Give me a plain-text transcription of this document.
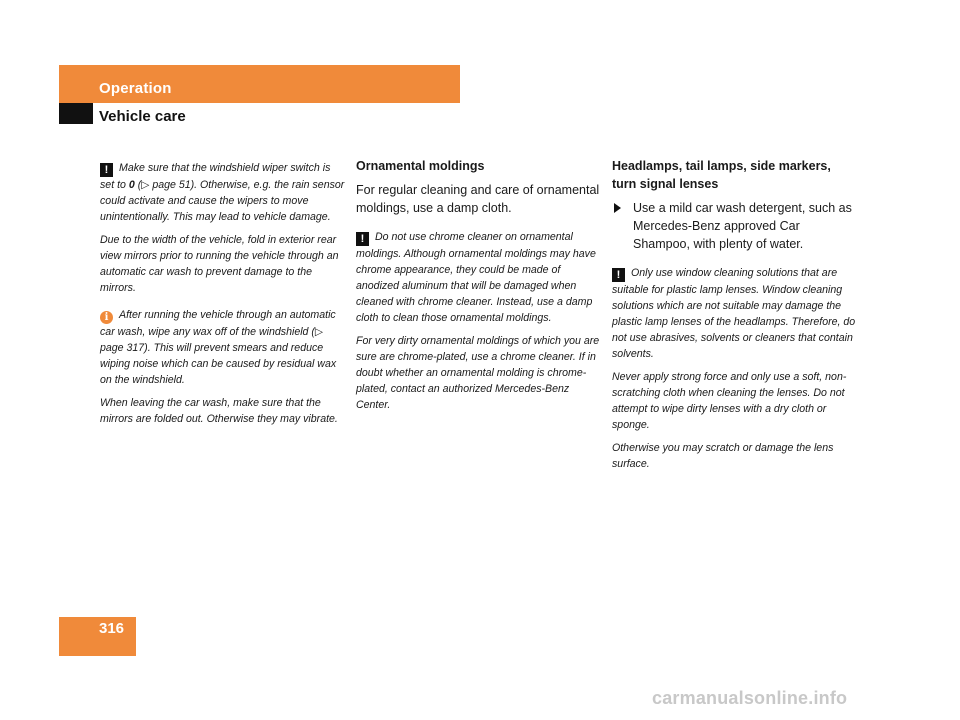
Operation
Vehicle care

! Make sure that the windshield wiper switch is set to 0 (▷ page 51). Otherwise, e.g. the rain sensor could activate and cause the wipers to move unintentionally. This may lead to vehicle damage.

Due to the width of the vehicle, fold in exterior rear view mirrors prior to running the vehicle through an automatic car wash to prevent damage to the mirrors.

i After running the vehicle through an automatic car wash, wipe any wax off of the windshield (▷ page 317). This will prevent smears and reduce wiping noise which can be caused by residual wax on the windshield.

When leaving the car wash, make sure that the mirrors are folded out. Otherwise they may vibrate.

Ornamental moldings

For regular cleaning and care of ornamental moldings, use a damp cloth.

! Do not use chrome cleaner on ornamental moldings. Although ornamental moldings may have chrome appearance, they could be made of anodized aluminum that will be damaged when cleaned with chrome cleaner. Instead, use a damp cloth to clean those ornamental moldings.

For very dirty ornamental moldings of which you are sure are chrome-plated, use a chrome cleaner. If in doubt whether an ornamental molding is chrome-plated, contact an authorized Mercedes-Benz Center.

Headlamps, tail lamps, side markers, turn signal lenses

Use a mild car wash detergent, such as Mercedes-Benz approved Car Shampoo, with plenty of water.

! Only use window cleaning solutions that are suitable for plastic lamp lenses. Window cleaning solutions which are not suitable may damage the plastic lamp lenses of the headlamps. Therefore, do not use abrasives, solvents or cleaners that contain solvents.

Never apply strong force and only use a soft, non-scratching cloth when cleaning the lenses. Do not attempt to wipe dirty lenses with a dry cloth or sponge.

Otherwise you may scratch or damage the lens surface.

316
carmanualsonline.info
